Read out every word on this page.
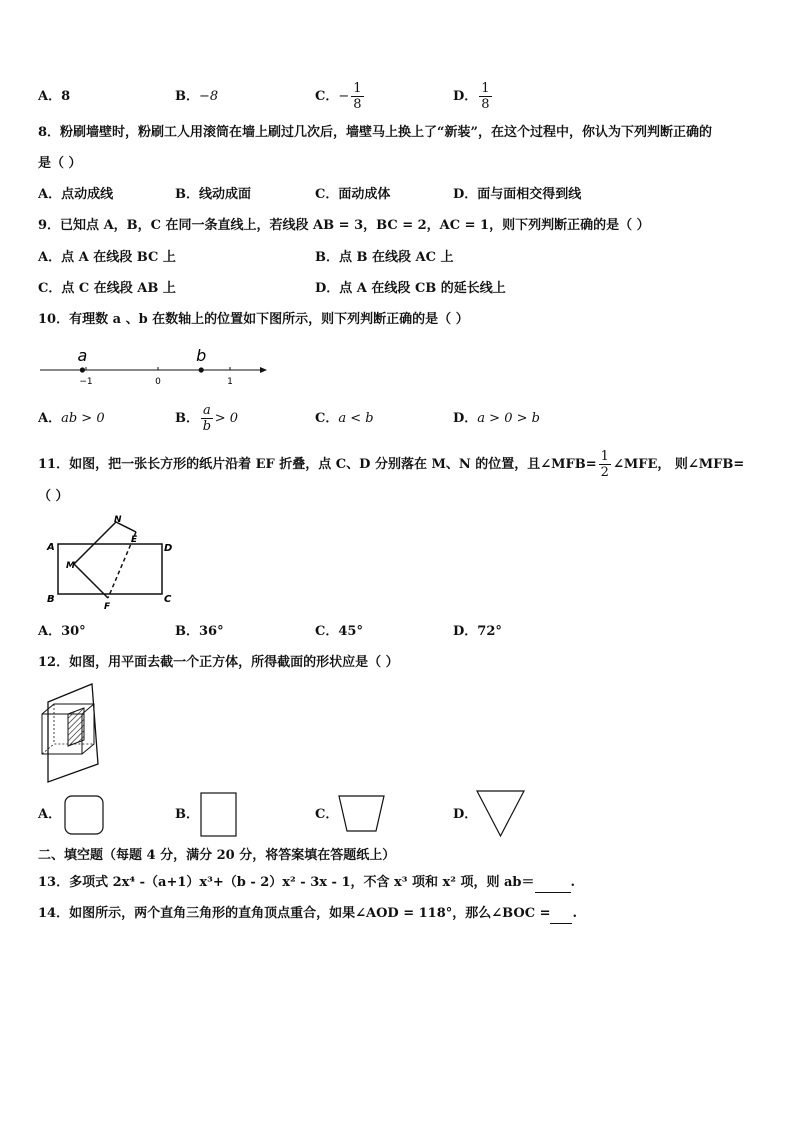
A．8	B．−8	C．− $\frac{1}{8}$	D． $\frac{1}{8}$
8．粉刷墙壁时，粉刷工人用滚筒在墙上刷过几次后，墙壁马上换上了“新装”，在这个过程中，你认为下列判断正确的
是（ ）
A．点动成线	B．线动成面	C．面动成体	D．面与面相交得到线
9．已知点 A，B，C 在同一条直线上，若线段 AB = 3，BC = 2，AC = 1，则下列判断正确的是（ ）
A．点 A 在线段 BC 上	B．点 B 在线段 AC 上
C．点 C 在线段 AB 上	D．点 A 在线段 CB 的延长线上
10．有理数 a 、b 在数轴上的位置如下图所示，则下列判断正确的是（ ）
−1	0	1
a	b
A．ab > 0	B． $\frac{a}{b} > 0$	C．a < b	D．a > 0 > b
11．如图，把一张长方形的纸片沿着 EF 折叠，点 C、D 分别落在 M、N 的位置，且∠MFB= $\frac{1}{2}$ ∠MFE， 则∠MFB=
（ ）
A
B	C
D
E
F
M
N
A．30°	B．36°	C．45°	D．72°
12．如图，用平面去截一个正方体，所得截面的形状应是（ ）
A．	B．	C．	D．
二、填空题（每题 4 分，满分 20 分，将答案填在答题纸上）
13．多项式 2x⁴ -（a+1）x³+（b - 2）x² - 3x - 1，不含 x³ 项和 x² 项，则 ab＝	.
14．如图所示，两个直角三角形的直角顶点重合，如果∠AOD = 118°，那么∠BOC = .
